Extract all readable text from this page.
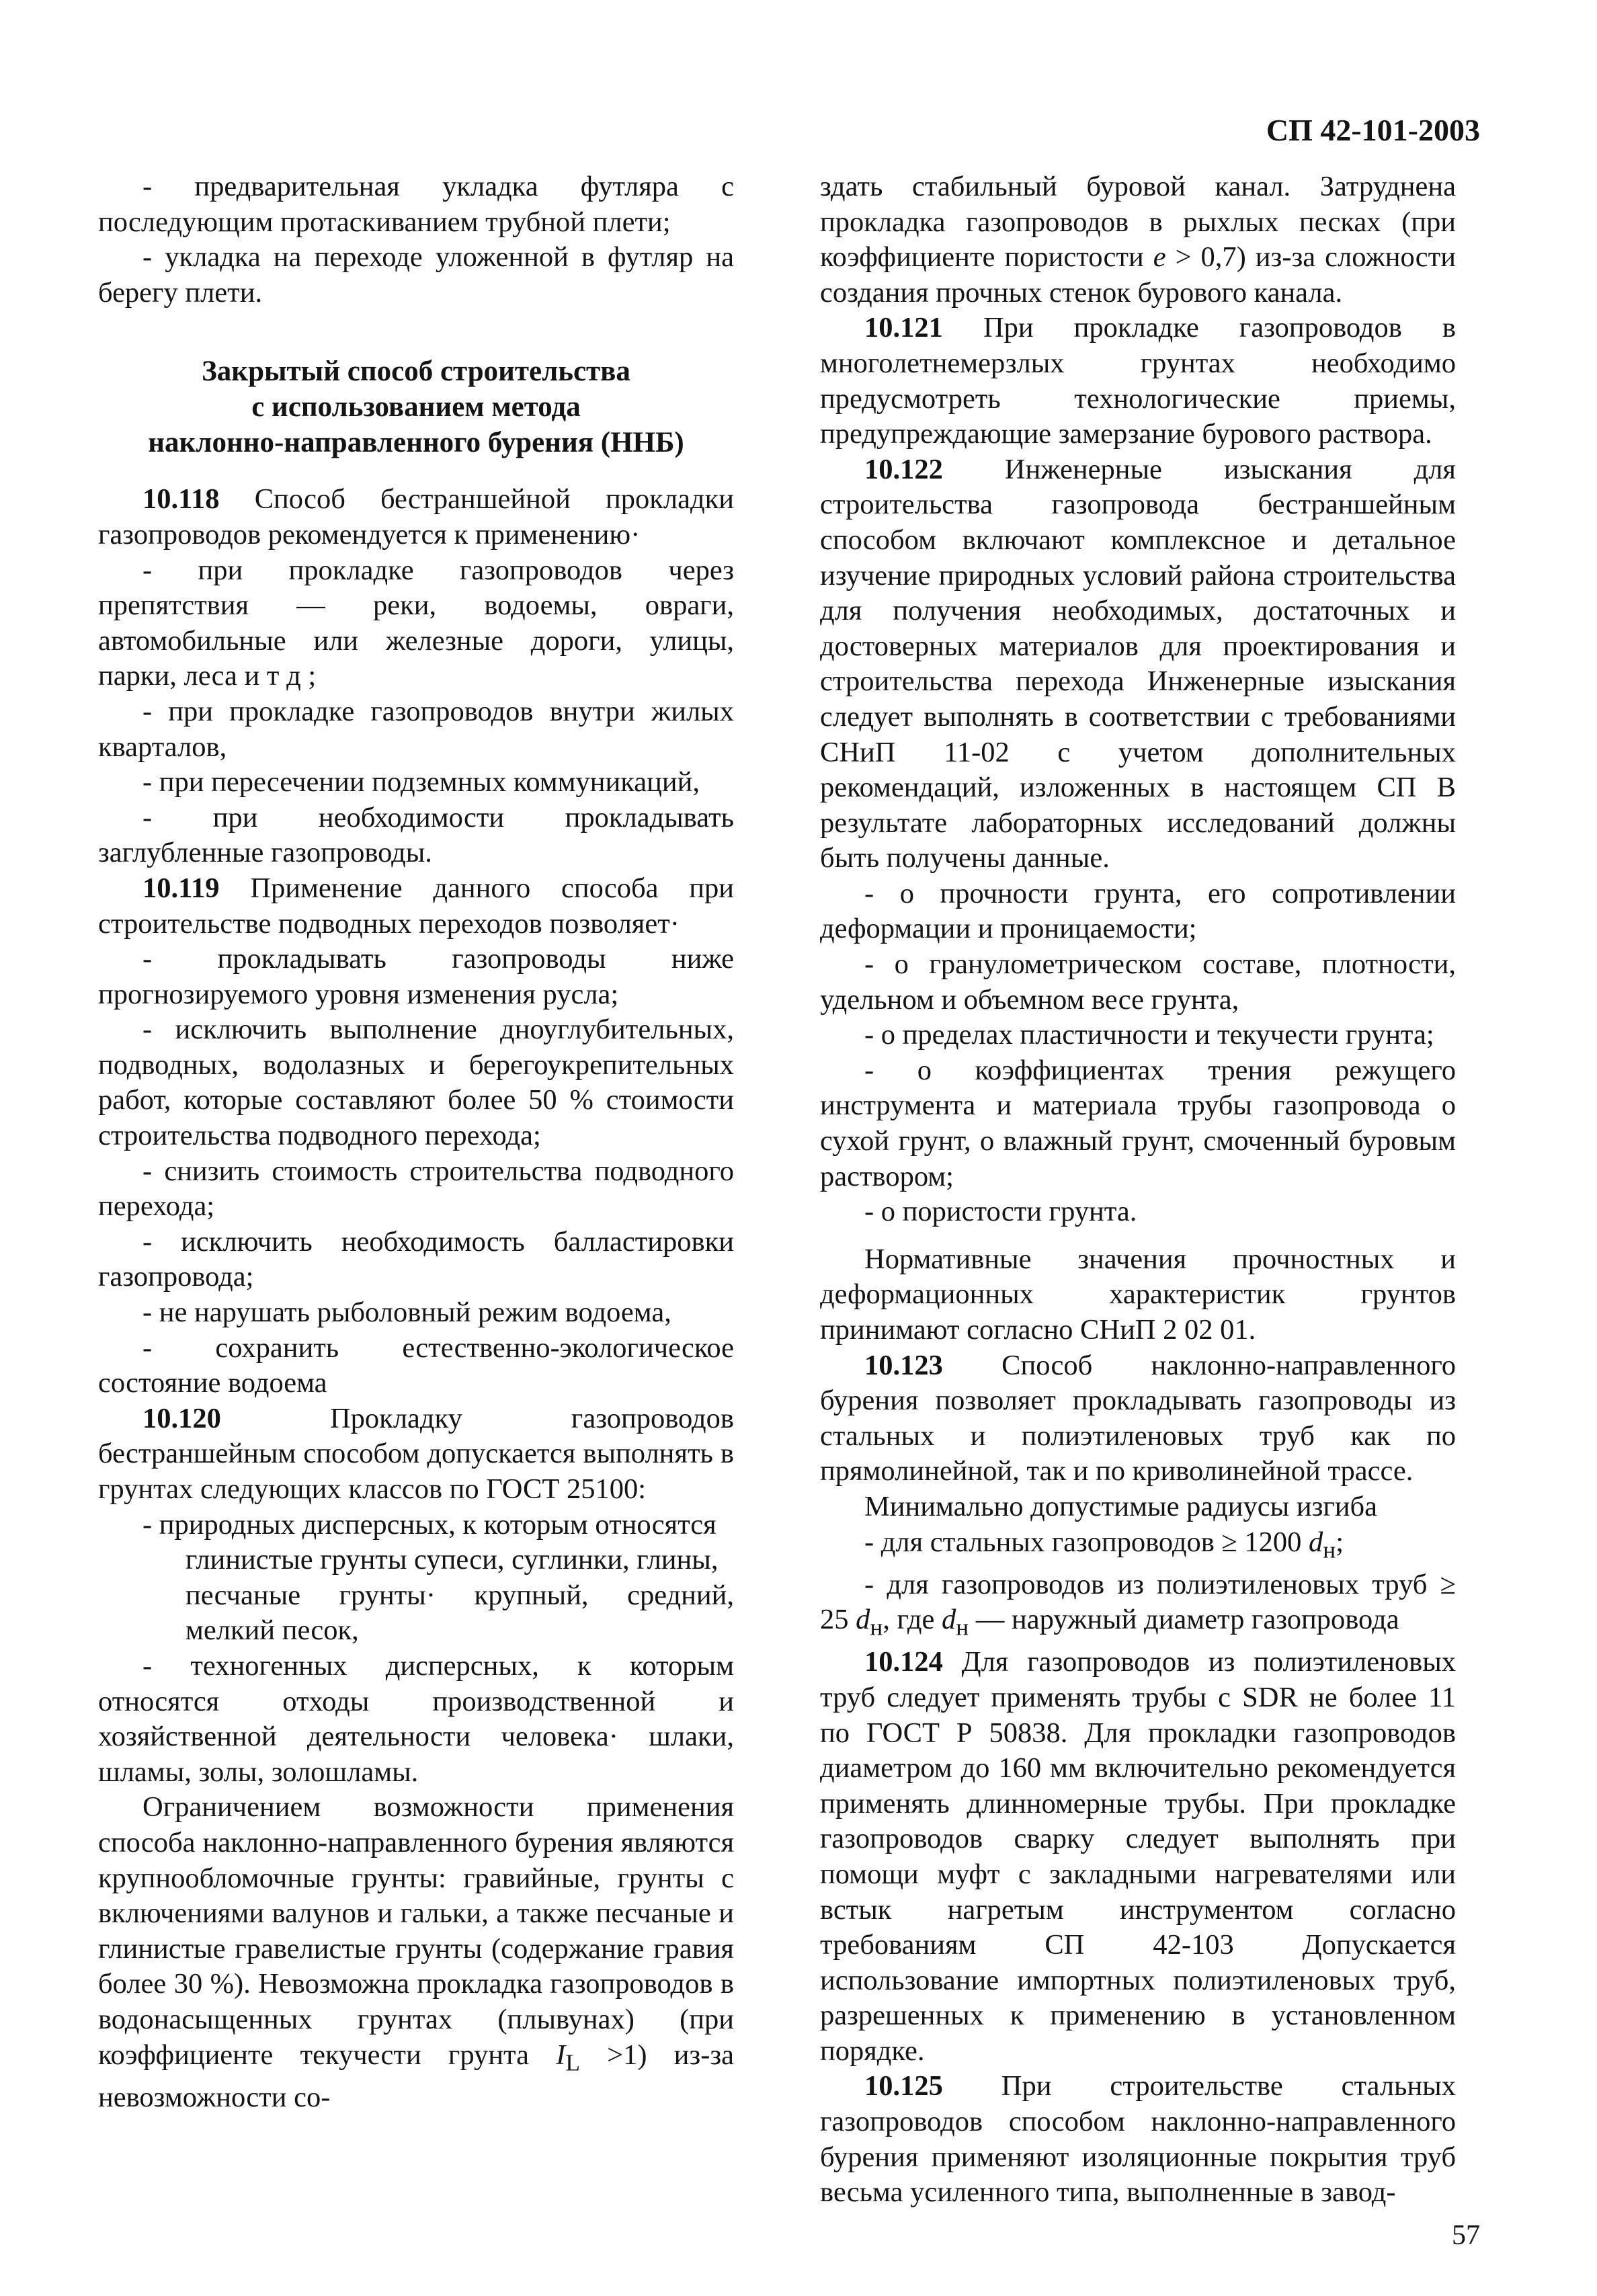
СП 42-101-2003

- предварительная укладка футляра с последующим протаскиванием трубной плети;

- укладка на переходе уложенной в футляр на берегу плети.

Закрытый способ строительства
с использованием метода
наклонно-направленного бурения (ННБ)

10.118 Способ бестраншейной прокладки газопроводов рекомендуется к применению·

- при прокладке газопроводов через препятствия — реки, водоемы, овраги, автомобильные или железные дороги, улицы, парки, леса и т д ;

- при прокладке газопроводов внутри жилых кварталов,

- при пересечении подземных коммуникаций,

- при необходимости прокладывать заглубленные газопроводы.

10.119 Применение данного способа при строительстве подводных переходов позволяет·

- прокладывать газопроводы ниже прогнозируемого уровня изменения русла;

- исключить выполнение дноуглубительных, подводных, водолазных и берегоукрепительных работ, которые составляют более 50 % стоимости строительства подводного перехода;

- снизить стоимость строительства подводного перехода;

- исключить необходимость балластировки газопровода;

- не нарушать рыболовный режим водоема,

- сохранить естественно-экологическое состояние водоема

10.120 Прокладку газопроводов бестраншейным способом допускается выполнять в грунтах следующих классов по ГОСТ 25100:

- природных дисперсных, к которым относятся

глинистые грунты супеси, суглинки, глины,

песчаные грунты· крупный, средний, мелкий песок,

- техногенных дисперсных, к которым относятся отходы производственной и хозяйственной деятельности человека· шлаки, шламы, золы, золошламы.

Ограничением возможности применения способа наклонно-направленного бурения являются крупнообломочные грунты: гравийные, грунты с включениями валунов и гальки, а также песчаные и глинистые гравелистые грунты (содержание гравия более 30 %). Невозможна прокладка газопроводов в водонасыщенных грунтах (плывунах) (при коэффициенте текучести грунта $I_L >1$) из-за невозможности со-

здать стабильный буровой канал. Затруднена прокладка газопроводов в рыхлых песках (при коэффициенте пористости e > 0,7) из-за сложности создания прочных стенок бурового канала.

10.121 При прокладке газопроводов в многолетнемерзлых грунтах необходимо предусмотреть технологические приемы, предупреждающие замерзание бурового раствора.

10.122 Инженерные изыскания для строительства газопровода бестраншейным способом включают комплексное и детальное изучение природных условий района строительства для получения необходимых, достаточных и достоверных материалов для проектирования и строительства перехода Инженерные изыскания следует выполнять в соответствии с требованиями СНиП 11-02 с учетом дополнительных рекомендаций, изложенных в настоящем СП В результате лабораторных исследований должны быть получены данные.

- о прочности грунта, его сопротивлении деформации и проницаемости;

- о гранулометрическом составе, плотности, удельном и объемном весе грунта,

- о пределах пластичности и текучести грунта;

- о коэффициентах трения режущего инструмента и материала трубы газопровода о сухой грунт, о влажный грунт, смоченный буровым раствором;

- о пористости грунта.

Нормативные значения прочностных и деформационных характеристик грунтов принимают согласно СНиП 2 02 01.

10.123 Способ наклонно-направленного бурения позволяет прокладывать газопроводы из стальных и полиэтиленовых труб как по прямолинейной, так и по криволинейной трассе.

Минимально допустимые радиусы изгиба

- для стальных газопроводов ≥ 1200 $d_н$;

- для газопроводов из полиэтиленовых труб ≥ 25 $d_н$, где $d_н$ — наружный диаметр газопровода

10.124 Для газопроводов из полиэтиленовых труб следует применять трубы с SDR не более 11 по ГОСТ Р 50838. Для прокладки газопроводов диаметром до 160 мм включительно рекомендуется применять длинномерные трубы. При прокладке газопроводов сварку следует выполнять при помощи муфт с закладными нагревателями или встык нагретым инструментом согласно требованиям СП 42-103 Допускается использование импортных полиэтиленовых труб, разрешенных к применению в установленном порядке.

10.125 При строительстве стальных газопроводов способом наклонно-направленного бурения применяют изоляционные покрытия труб весьма усиленного типа, выполненные в завод-

57
